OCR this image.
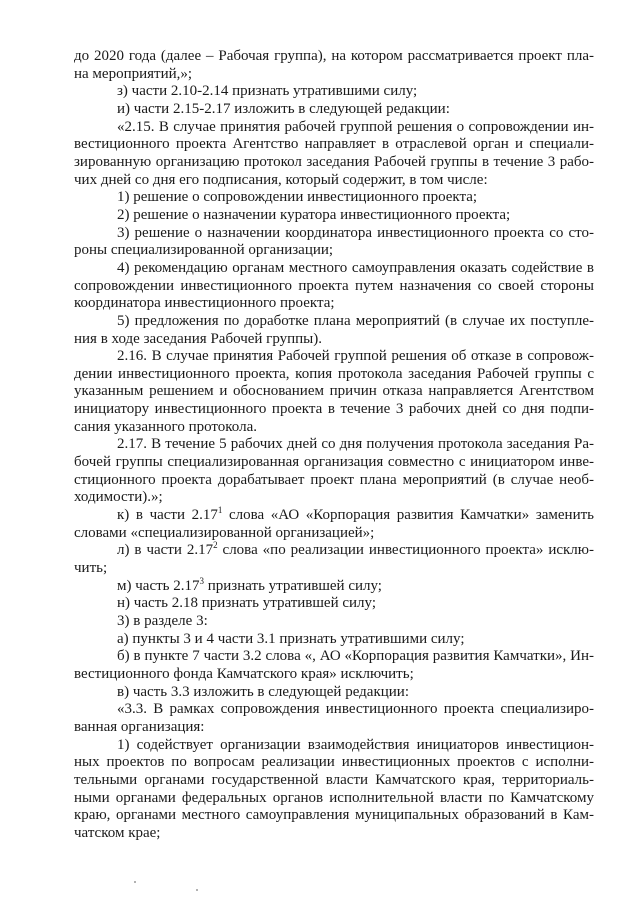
до 2020 года (далее – Рабочая группа), на котором рассматривается проект пла-

на мероприятий,»;

з) части 2.10-2.14 признать утратившими силу;

и) части 2.15-2.17 изложить в следующей редакции:

«2.15. В случае принятия рабочей группой решения о сопровождении ин-

вестиционного проекта Агентство направляет в отраслевой орган и специали-

зированную организацию протокол заседания Рабочей группы в течение 3 рабо-

чих дней со дня его подписания, который содержит, в том числе:

1) решение о сопровождении инвестиционного проекта;

2) решение о назначении куратора инвестиционного проекта;

3) решение о назначении координатора инвестиционного проекта со сто-

роны специализированной организации;

4) рекомендацию органам местного самоуправления оказать содействие в

сопровождении инвестиционного проекта путем назначения со своей стороны

координатора инвестиционного проекта;

5) предложения по доработке плана мероприятий (в случае их поступле-

ния в ходе заседания Рабочей группы).

2.16. В случае принятия Рабочей группой решения об отказе в сопровож-

дении инвестиционного проекта, копия протокола заседания Рабочей группы с

указанным решением и обоснованием причин отказа направляется Агентством

инициатору инвестиционного проекта в течение 3 рабочих дней со дня подпи-

сания указанного протокола.

2.17. В течение 5 рабочих дней со дня получения протокола заседания Ра-

бочей группы специализированная организация совместно с инициатором инве-

стиционного проекта дорабатывает проект плана мероприятий (в случае необ-

ходимости).»;

к) в части 2.17$^1$ слова «АО «Корпорация развития Камчатки» заменить

словами «специализированной организацией»;

л) в части 2.17$^2$ слова «по реализации инвестиционного проекта» исклю-

чить;

м) часть 2.17$^3$ признать утратившей силу;

н) часть 2.18 признать утратившей силу;

3) в разделе 3:

а) пункты 3 и 4 части 3.1 признать утратившими силу;

б) в пункте 7 части 3.2 слова «, АО «Корпорация развития Камчатки», Ин-

вестиционного фонда Камчатского края» исключить;

в) часть 3.3 изложить в следующей редакции:

«3.3. В рамках сопровождения инвестиционного проекта специализиро-

ванная организация:

1) содействует организации взаимодействия инициаторов инвестицион-

ных проектов по вопросам реализации инвестиционных проектов с исполни-

тельными органами государственной власти Камчатского края, территориаль-

ными органами федеральных органов исполнительной власти по Камчатскому

краю, органами местного самоуправления муниципальных образований в Кам-

чатском крае;
